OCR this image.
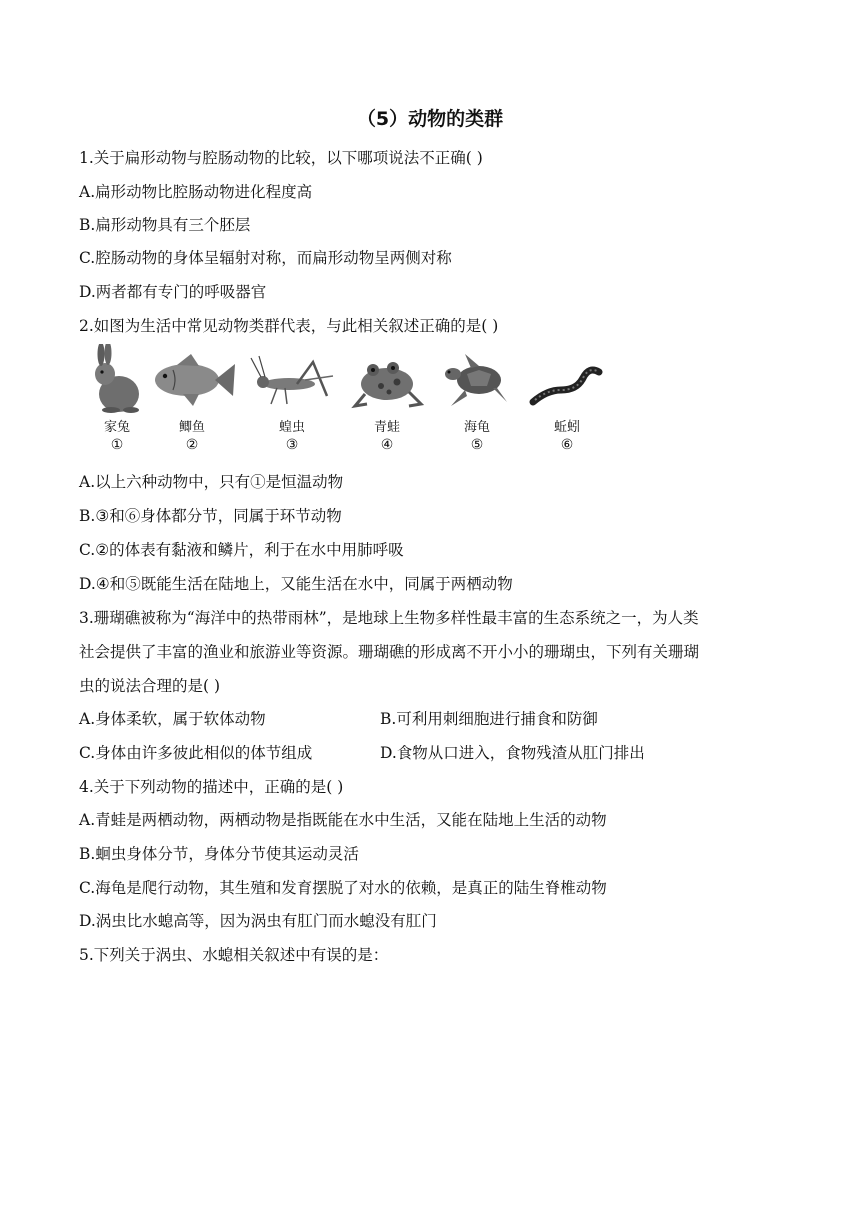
（5）动物的类群
1.关于扁形动物与腔肠动物的比较，以下哪项说法不正确( )
A.扁形动物比腔肠动物进化程度高
B.扁形动物具有三个胚层
C.腔肠动物的身体呈辐射对称，而扁形动物呈两侧对称
D.两者都有专门的呼吸器官
2.如图为生活中常见动物类群代表，与此相关叙述正确的是( )
家兔
①
鲫鱼
②
蝗虫
③
青蛙
④
海龟
⑤
蚯蚓
⑥
A.以上六种动物中，只有①是恒温动物
B.③和⑥身体都分节，同属于环节动物
C.②的体表有黏液和鳞片，利于在水中用肺呼吸
D.④和⑤既能生活在陆地上，又能生活在水中，同属于两栖动物
3.珊瑚礁被称为“海洋中的热带雨林”，是地球上生物多样性最丰富的生态系统之一，为人类
社会提供了丰富的渔业和旅游业等资源。珊瑚礁的形成离不开小小的珊瑚虫，下列有关珊瑚
虫的说法合理的是( )
A.身体柔软，属于软体动物	B.可利用刺细胞进行捕食和防御
C.身体由许多彼此相似的体节组成	D.食物从口进入，食物残渣从肛门排出
4.关于下列动物的描述中，正确的是( )
A.青蛙是两栖动物，两栖动物是指既能在水中生活，又能在陆地上生活的动物
B.蛔虫身体分节，身体分节使其运动灵活
C.海龟是爬行动物，其生殖和发育摆脱了对水的依赖，是真正的陆生脊椎动物
D.涡虫比水螅高等，因为涡虫有肛门而水螅没有肛门
5.下列关于涡虫、水螅相关叙述中有误的是：
